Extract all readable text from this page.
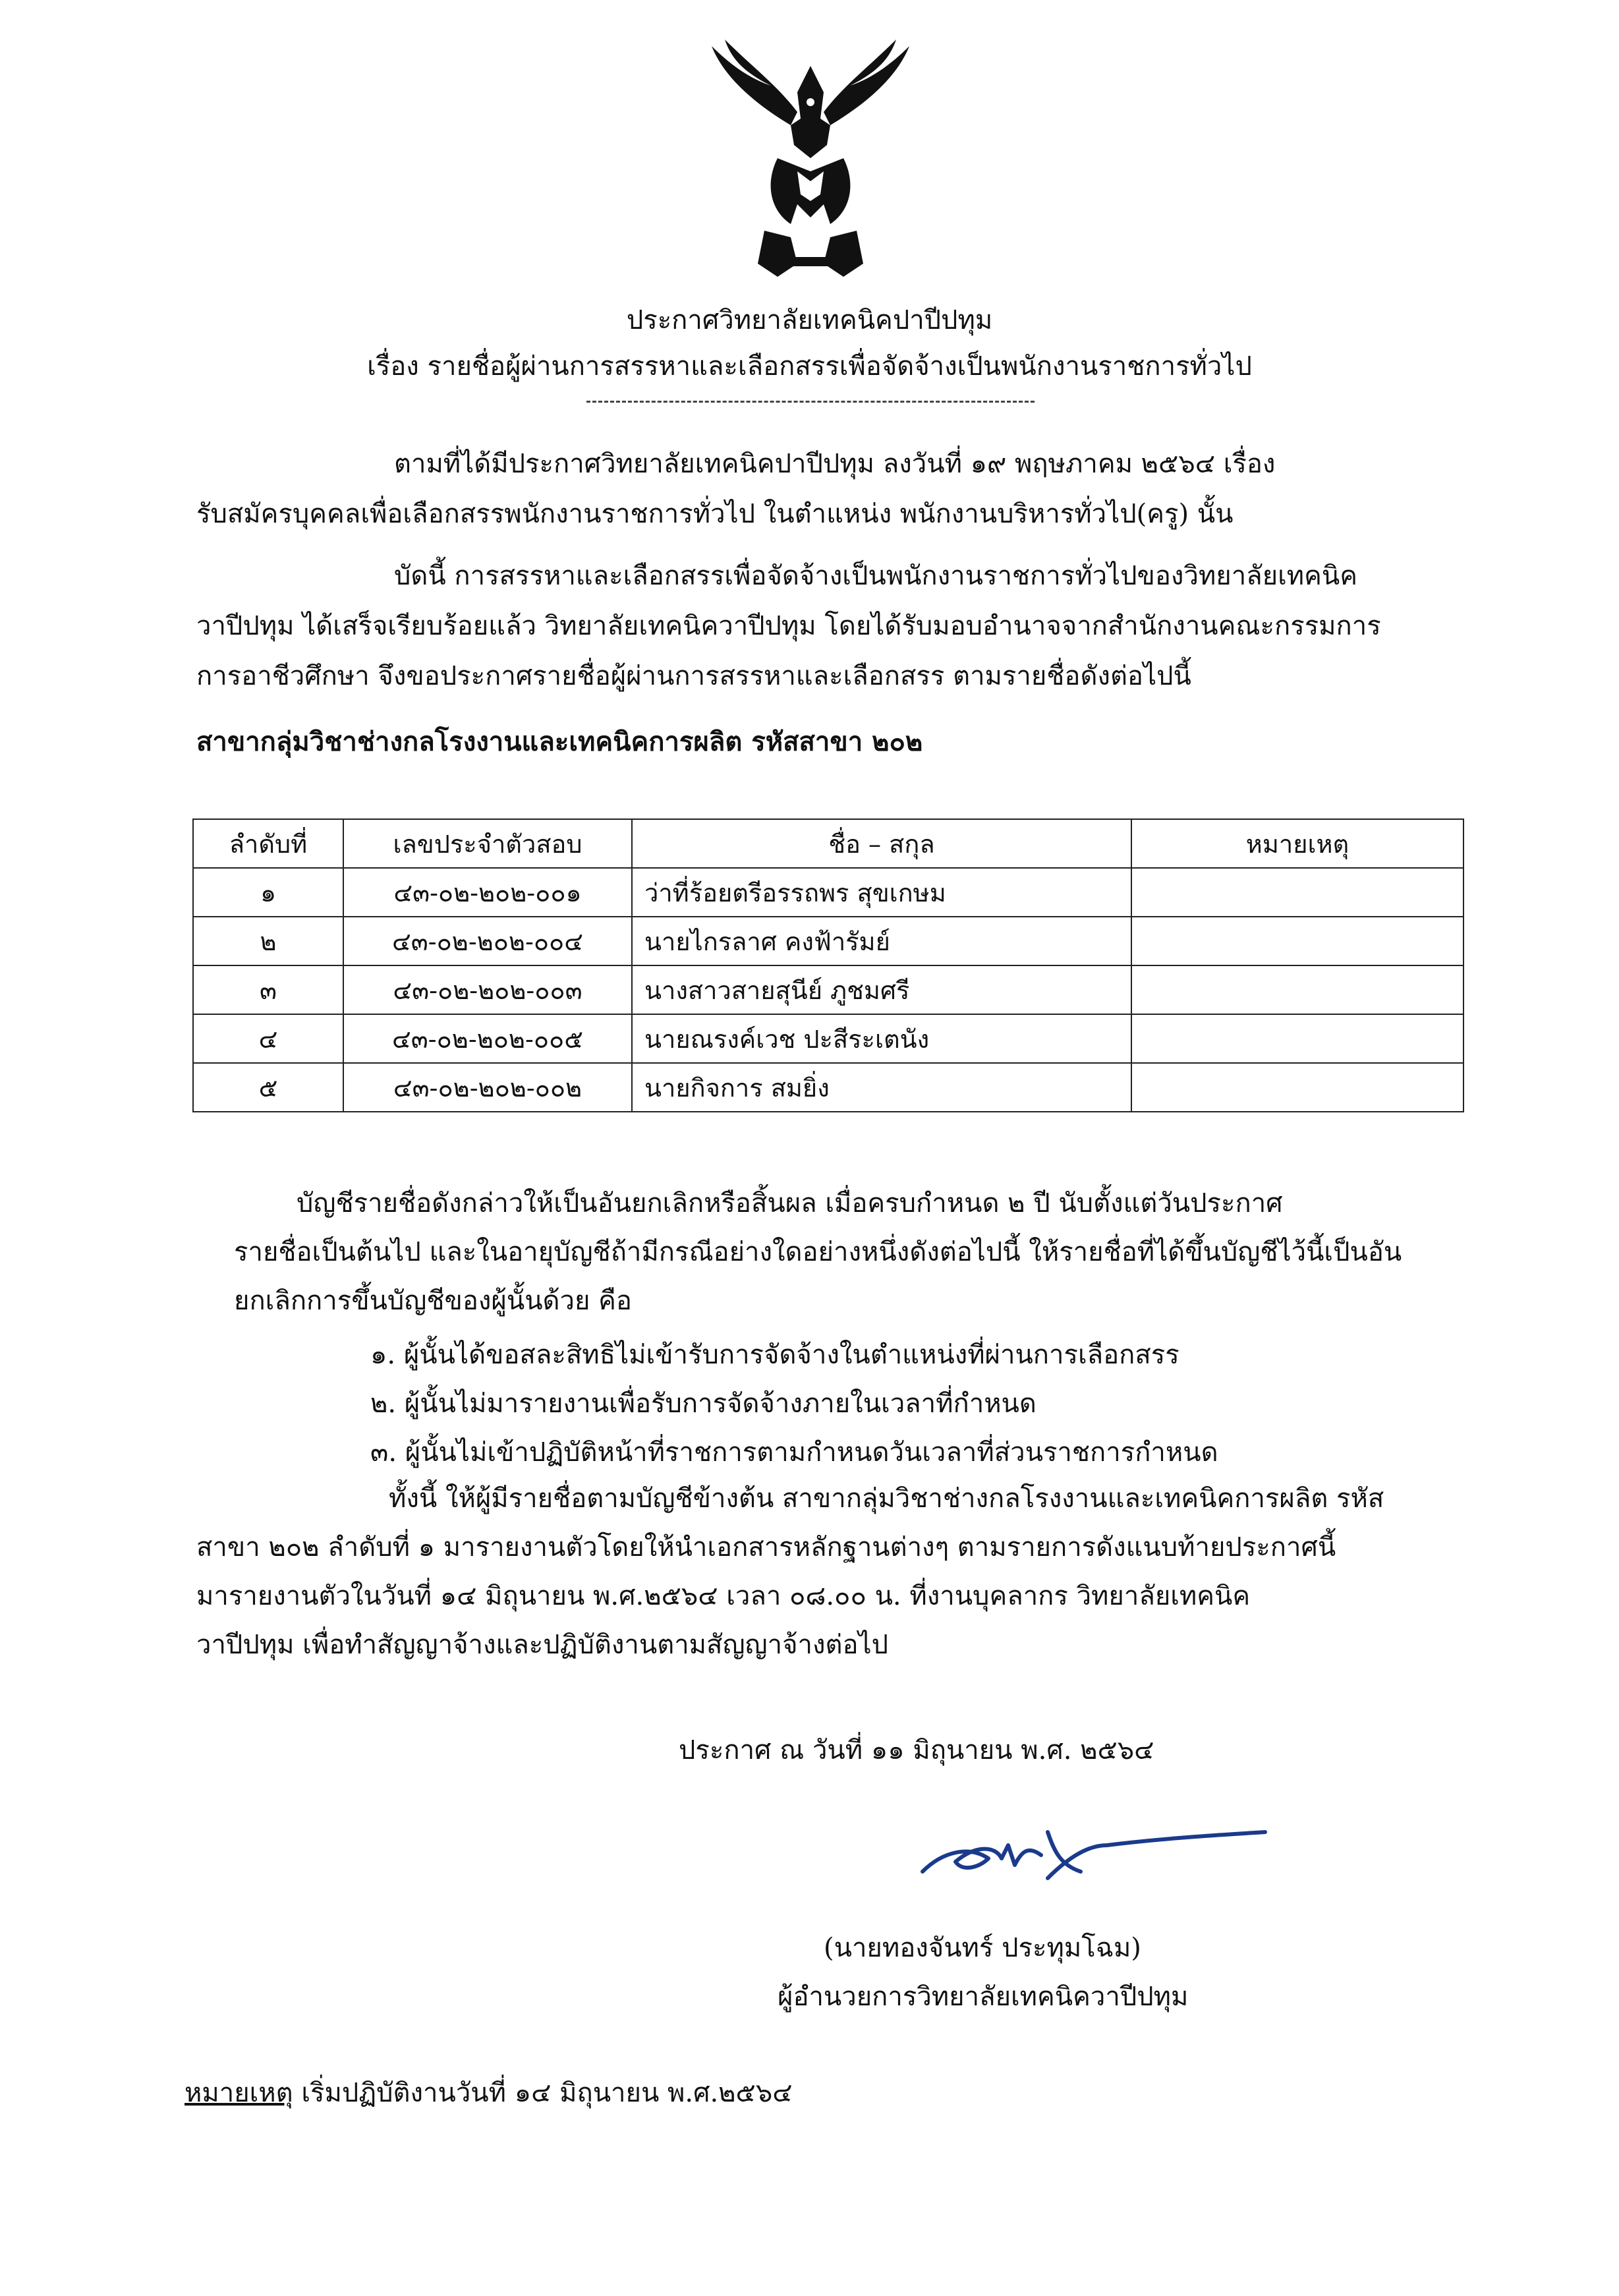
ประกาศวิทยาลัยเทคนิคปาปีปทุม
เรื่อง รายชื่อผู้ผ่านการสรรหาและเลือกสรรเพื่อจัดจ้างเป็นพนักงานราชการทั่วไป
ตามที่ได้มีประกาศวิทยาลัยเทคนิคปาปีปทุม ลงวันที่ ๑๙ พฤษภาคม ๒๕๖๔ เรื่อง
รับสมัครบุคคลเพื่อเลือกสรรพนักงานราชการทั่วไป ในตำแหน่ง พนักงานบริหารทั่วไป(ครู) นั้น
บัดนี้ การสรรหาและเลือกสรรเพื่อจัดจ้างเป็นพนักงานราชการทั่วไปของวิทยาลัยเทคนิค
วาปีปทุม ได้เสร็จเรียบร้อยแล้ว วิทยาลัยเทคนิควาปีปทุม โดยได้รับมอบอำนาจจากสำนักงานคณะกรรมการ
การอาชีวศึกษา จึงขอประกาศรายชื่อผู้ผ่านการสรรหาและเลือกสรร ตามรายชื่อดังต่อไปนี้
สาขากลุ่มวิชาช่างกลโรงงานและเทคนิคการผลิต รหัสสาขา ๒๐๒
ลำดับที่	เลขประจำตัวสอบ	ชื่อ – สกุล	หมายเหตุ
๑	๔๓-๐๒-๒๐๒-๐๐๑	ว่าที่ร้อยตรีอรรถพร สุขเกษม	
๒	๔๓-๐๒-๒๐๒-๐๐๔	นายไกรลาศ คงฟ้ารัมย์	
๓	๔๓-๐๒-๒๐๒-๐๐๓	นางสาวสายสุนีย์ ภูชมศรี	
๔	๔๓-๐๒-๒๐๒-๐๐๕	นายณรงค์เวช ปะสีระเตนัง	
๕	๔๓-๐๒-๒๐๒-๐๐๒	นายกิจการ สมยิ่ง	
บัญชีรายชื่อดังกล่าวให้เป็นอันยกเลิกหรือสิ้นผล เมื่อครบกำหนด ๒ ปี นับตั้งแต่วันประกาศ
รายชื่อเป็นต้นไป และในอายุบัญชีถ้ามีกรณีอย่างใดอย่างหนึ่งดังต่อไปนี้ ให้รายชื่อที่ได้ขึ้นบัญชีไว้นี้เป็นอัน
ยกเลิกการขึ้นบัญชีของผู้นั้นด้วย คือ
๑. ผู้นั้นได้ขอสละสิทธิไม่เข้ารับการจัดจ้างในตำแหน่งที่ผ่านการเลือกสรร
๒. ผู้นั้นไม่มารายงานเพื่อรับการจัดจ้างภายในเวลาที่กำหนด
๓. ผู้นั้นไม่เข้าปฏิบัติหน้าที่ราชการตามกำหนดวันเวลาที่ส่วนราชการกำหนด
ทั้งนี้ ให้ผู้มีรายชื่อตามบัญชีข้างต้น สาขากลุ่มวิชาช่างกลโรงงานและเทคนิคการผลิต รหัส
สาขา ๒๐๒ ลำดับที่ ๑ มารายงานตัวโดยให้นำเอกสารหลักฐานต่างๆ ตามรายการดังแนบท้ายประกาศนี้
มารายงานตัวในวันที่ ๑๔ มิถุนายน พ.ศ.๒๕๖๔ เวลา ๐๘.๐๐ น. ที่งานบุคลากร วิทยาลัยเทคนิค
วาปีปทุม เพื่อทำสัญญาจ้างและปฏิบัติงานตามสัญญาจ้างต่อไป
ประกาศ ณ วันที่ ๑๑ มิถุนายน พ.ศ. ๒๕๖๔
(นายทองจันทร์ ประทุมโฉม)
ผู้อำนวยการวิทยาลัยเทคนิควาปีปทุม
หมายเหตุ เริ่มปฏิบัติงานวันที่ ๑๔ มิถุนายน พ.ศ.๒๕๖๔
